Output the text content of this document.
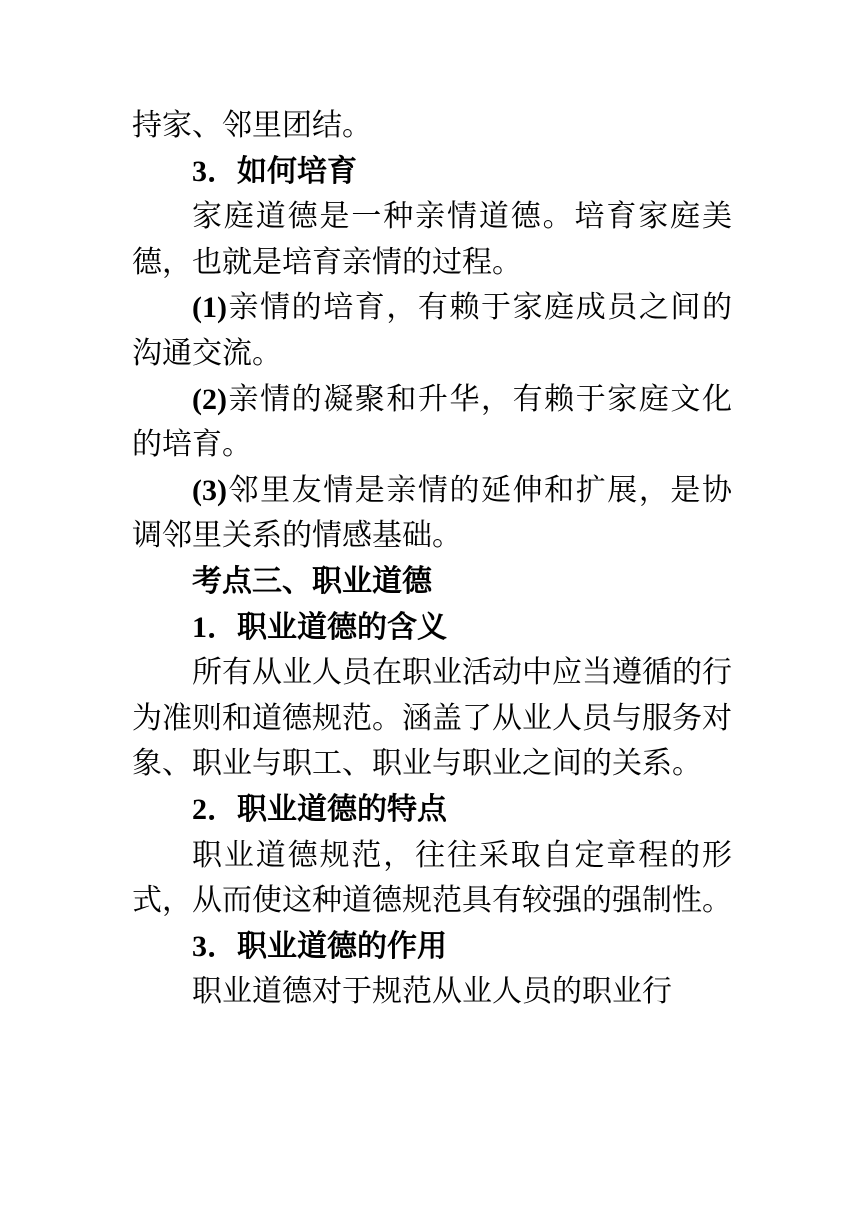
持家、邻里团结。

3．如何培育

家庭道德是一种亲情道德。培育家庭美德，也就是培育亲情的过程。

(1)亲情的培育，有赖于家庭成员之间的沟通交流。

(2)亲情的凝聚和升华，有赖于家庭文化的培育。

(3)邻里友情是亲情的延伸和扩展，是协调邻里关系的情感基础。

考点三、职业道德

1．职业道德的含义

所有从业人员在职业活动中应当遵循的行为准则和道德规范。涵盖了从业人员与服务对象、职业与职工、职业与职业之间的关系。

2．职业道德的特点

职业道德规范，往往采取自定章程的形式，从而使这种道德规范具有较强的强制性。

3．职业道德的作用

职业道德对于规范从业人员的职业行
